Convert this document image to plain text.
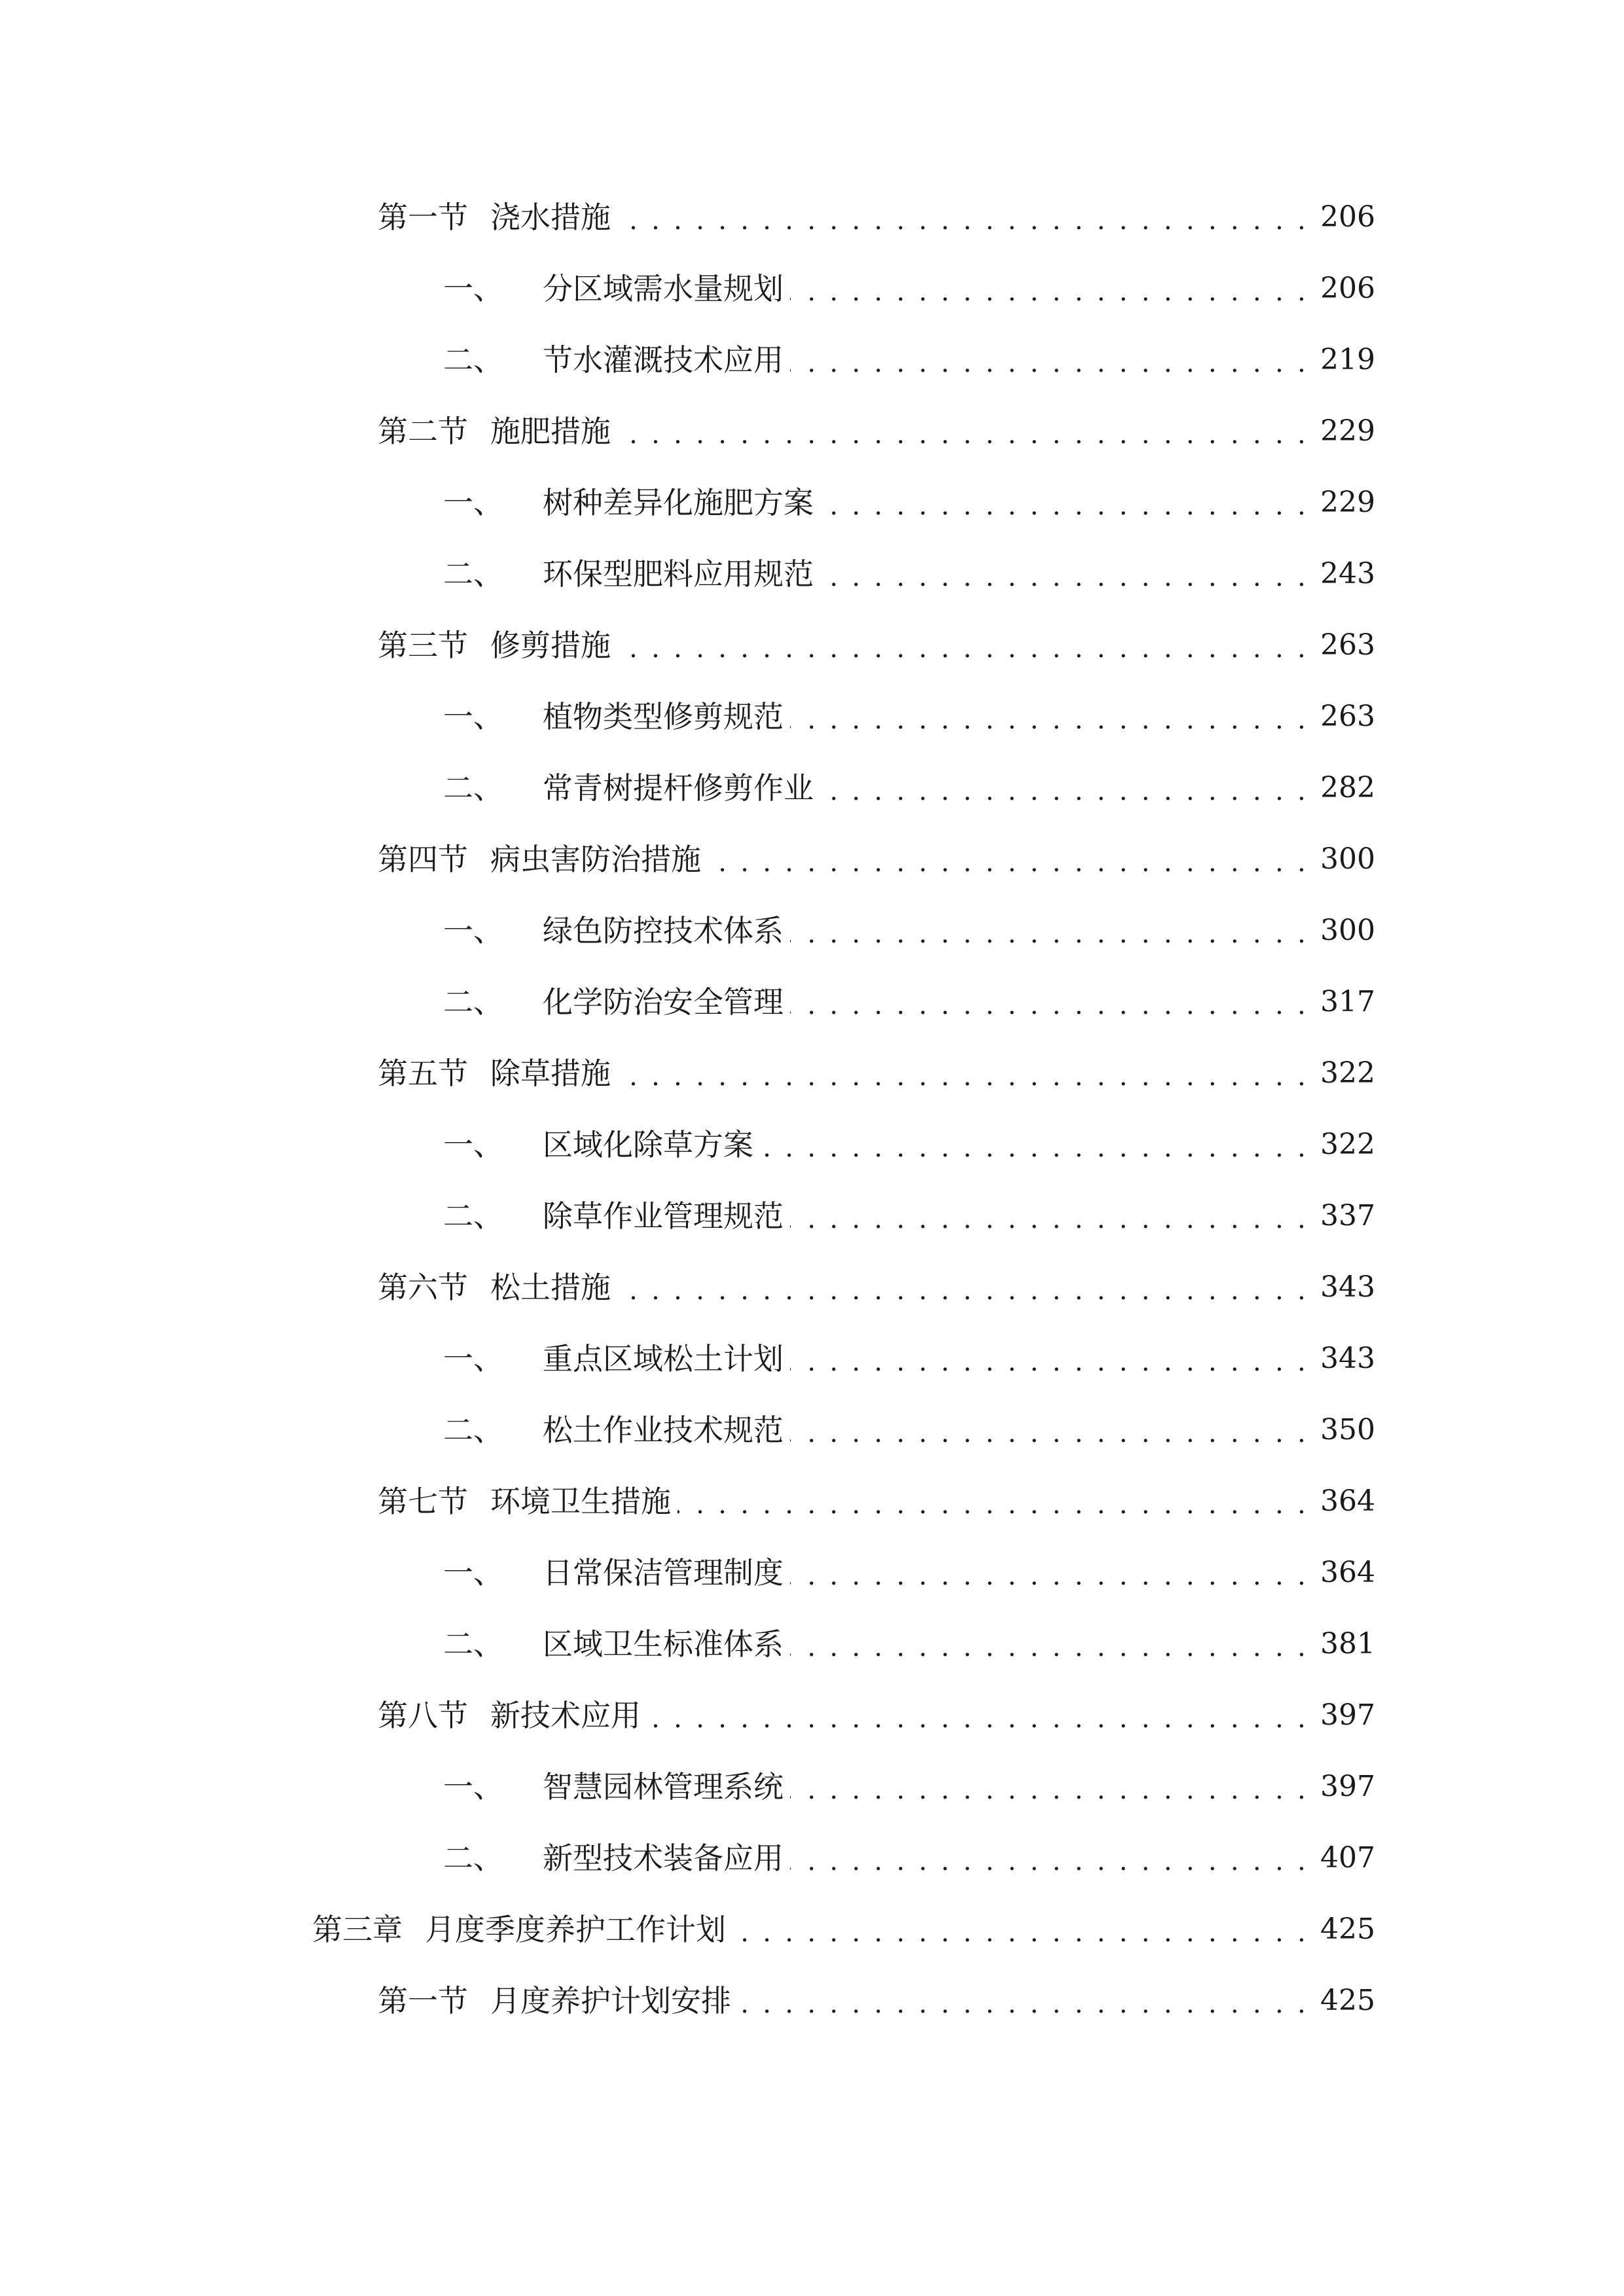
第一节 浇水措施 . . .	206
一、 分区域需水量规划 . . .	206
二、 节水灌溉技术应用 . . .	219
第二节 施肥措施 . . .	229
一、 树种差异化施肥方案 . . .	229
二、 环保型肥料应用规范 . . .	243
第三节 修剪措施 . . .	263
一、 植物类型修剪规范 . . .	263
二、 常青树提杆修剪作业 . . .	282
第四节 病虫害防治措施 . . .	300
一、 绿色防控技术体系 . . .	300
二、 化学防治安全管理 . . .	317
第五节 除草措施 . . .	322
一、 区域化除草方案 . . .	322
二、 除草作业管理规范 . . .	337
第六节 松土措施 . . .	343
一、 重点区域松土计划 . . .	343
二、 松土作业技术规范 . . .	350
第七节 环境卫生措施 . . .	364
一、 日常保洁管理制度 . . .	364
二、 区域卫生标准体系 . . .	381
第八节 新技术应用 . . .	397
一、 智慧园林管理系统 . . .	397
二、 新型技术装备应用 . . .	407
第三章 月度季度养护工作计划 . . .	425
第一节 月度养护计划安排 . . .	425
